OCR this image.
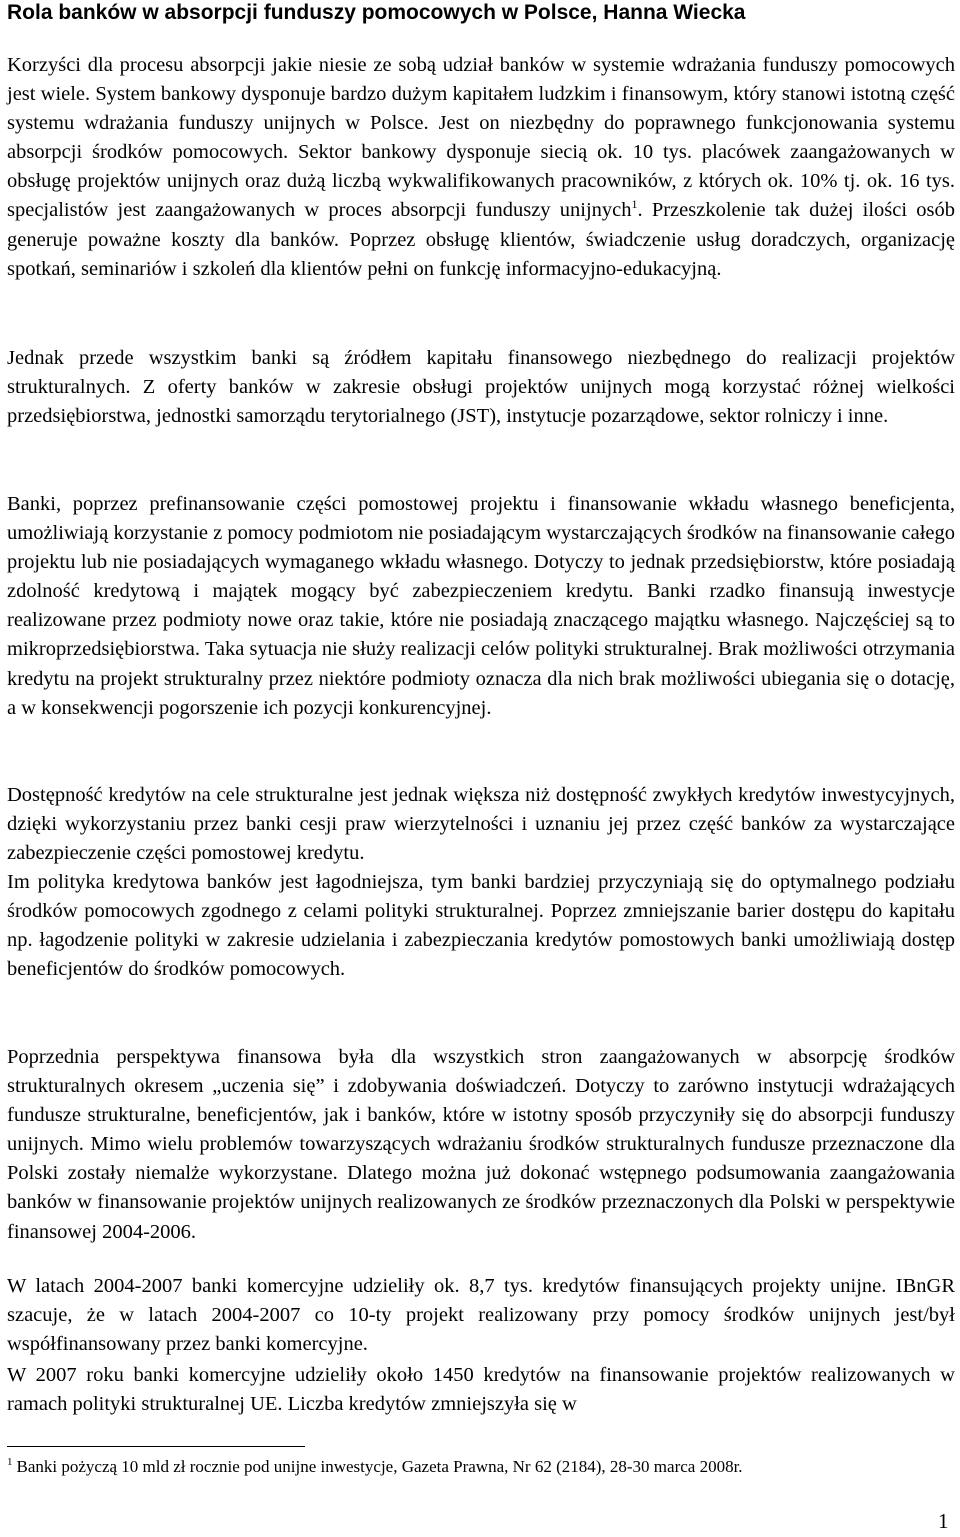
Rola banków w absorpcji funduszy pomocowych w Polsce, Hanna Wiecka

Korzyści dla procesu absorpcji jakie niesie ze sobą udział banków w systemie wdrażania funduszy pomocowych jest wiele. System bankowy dysponuje bardzo dużym kapitałem ludzkim i finansowym, który stanowi istotną część systemu wdrażania funduszy unijnych w Polsce. Jest on niezbędny do poprawnego funkcjonowania systemu absorpcji środków pomocowych. Sektor bankowy dysponuje siecią ok. 10 tys. placówek zaangażowanych w obsługę projektów unijnych oraz dużą liczbą wykwalifikowanych pracowników, z których ok. 10% tj. ok. 16 tys. specjalistów jest zaangażowanych w proces absorpcji funduszy unijnych$^1$. Przeszkolenie tak dużej ilości osób generuje poważne koszty dla banków. Poprzez obsługę klientów, świadczenie usług doradczych, organizację spotkań, seminariów i szkoleń dla klientów pełni on funkcję informacyjno-edukacyjną.

Jednak przede wszystkim banki są źródłem kapitału finansowego niezbędnego do realizacji projektów strukturalnych. Z oferty banków w zakresie obsługi projektów unijnych mogą korzystać różnej wielkości przedsiębiorstwa, jednostki samorządu terytorialnego (JST), instytucje pozarządowe, sektor rolniczy i inne.

Banki, poprzez prefinansowanie części pomostowej projektu i finansowanie wkładu własnego beneficjenta, umożliwiają korzystanie z pomocy podmiotom nie posiadającym wystarczających środków na finansowanie całego projektu lub nie posiadających wymaganego wkładu własnego. Dotyczy to jednak przedsiębiorstw, które posiadają zdolność kredytową i majątek mogący być zabezpieczeniem kredytu. Banki rzadko finansują inwestycje realizowane przez podmioty nowe oraz takie, które nie posiadają znaczącego majątku własnego. Najczęściej są to mikroprzedsiębiorstwa. Taka sytuacja nie służy realizacji celów polityki strukturalnej. Brak możliwości otrzymania kredytu na projekt strukturalny przez niektóre podmioty oznacza dla nich brak możliwości ubiegania się o dotację, a w konsekwencji pogorszenie ich pozycji konkurencyjnej.

Dostępność kredytów na cele strukturalne jest jednak większa niż dostępność zwykłych kredytów inwestycyjnych, dzięki wykorzystaniu przez banki cesji praw wierzytelności i uznaniu jej przez część banków za wystarczające zabezpieczenie części pomostowej kredytu.

Im polityka kredytowa banków jest łagodniejsza, tym banki bardziej przyczyniają się do optymalnego podziału środków pomocowych zgodnego z celami polityki strukturalnej. Poprzez zmniejszanie barier dostępu do kapitału np. łagodzenie polityki w zakresie udzielania i zabezpieczania kredytów pomostowych banki umożliwiają dostęp beneficjentów do środków pomocowych.

Poprzednia perspektywa finansowa była dla wszystkich stron zaangażowanych w absorpcję środków strukturalnych okresem „uczenia się” i zdobywania doświadczeń. Dotyczy to zarówno instytucji wdrażających fundusze strukturalne, beneficjentów, jak i banków, które w istotny sposób przyczyniły się do absorpcji funduszy unijnych. Mimo wielu problemów towarzyszących wdrażaniu środków strukturalnych fundusze przeznaczone dla Polski zostały niemalże wykorzystane. Dlatego można już dokonać wstępnego podsumowania zaangażowania banków w finansowanie projektów unijnych realizowanych ze środków przeznaczonych dla Polski w perspektywie finansowej 2004-2006.

W latach 2004-2007 banki komercyjne udzieliły ok. 8,7 tys. kredytów finansujących projekty unijne. IBnGR szacuje, że w latach 2004-2007 co 10-ty projekt realizowany przy pomocy środków unijnych jest/był współfinansowany przez banki komercyjne.

W 2007 roku banki komercyjne udzieliły około 1450 kredytów na finansowanie projektów realizowanych w ramach polityki strukturalnej UE. Liczba kredytów zmniejszyła się w

$^1$ Banki pożyczą 10 mld zł rocznie pod unijne inwestycje, Gazeta Prawna, Nr 62 (2184), 28-30 marca 2008r.

1
